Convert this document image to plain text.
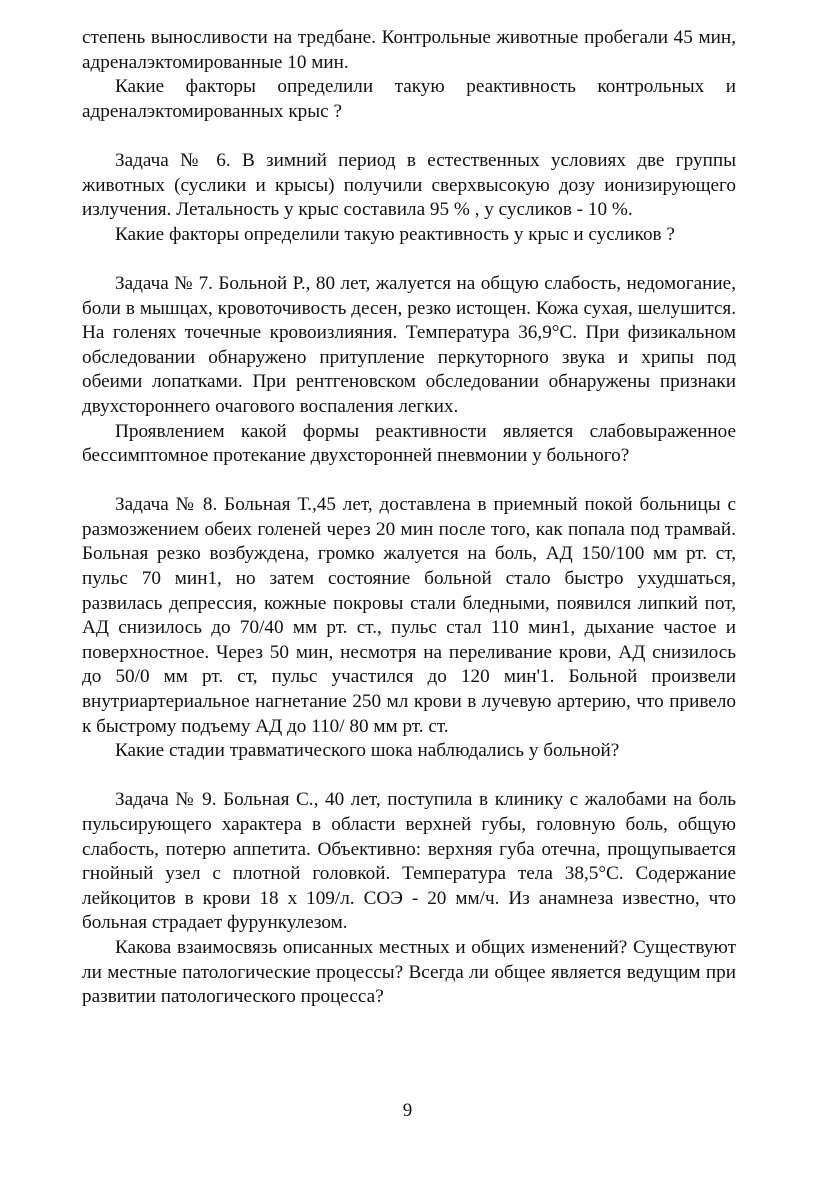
степень выносливости на тредбане. Контрольные животные пробегали 45 мин, адреналэктомированные 10 мин.

Какие факторы определили такую реактивность контрольных и адреналэктомированных крыс ?

Задача № 6. В зимний период в естественных условиях две группы животных (суслики и крысы) получили сверхвысокую дозу ионизирующего излучения. Летальность у крыс составила 95 % , у сусликов - 10 %.

Какие факторы определили такую реактивность у крыс и сусликов ?

Задача № 7. Больной Р., 80 лет, жалуется на общую слабость, недомогание, боли в мышцах, кровоточивость десен, резко истощен. Кожа сухая, шелушится. На голенях точечные кровоизлияния. Температура 36,9°С. При физикальном обследовании обнаружено притупление перкуторного звука и хрипы под обеими лопатками. При рентгеновском обследовании обнаружены признаки двухстороннего очагового воспаления легких.

Проявлением какой формы реактивности является слабовыраженное бессимптомное протекание двухсторонней пневмонии у больного?

Задача № 8. Больная Т.,45 лет, доставлена в приемный покой больницы с размозжением обеих голеней через 20 мин после того, как попала под трамвай. Больная резко возбуждена, громко жалуется на боль, АД 150/100 мм рт. ст, пульс 70 мин1, но затем состояние больной стало быстро ухудшаться, развилась депрессия, кожные покровы стали бледными, появился липкий пот, АД снизилось до 70/40 мм рт. ст., пульс стал 110 мин1, дыхание частое и поверхностное. Через 50 мин, несмотря на переливание крови, АД снизилось до 50/0 мм рт. ст, пульс участился до 120 мин'1. Больной произвели внутриартериальное нагнетание 250 мл крови в лучевую артерию, что привело к быстрому подъему АД до 110/ 80 мм рт. ст.

Какие стадии травматического шока наблюдались у больной?

Задача № 9. Больная С., 40 лет, поступила в клинику с жалобами на боль пульсирующего характера в области верхней губы, головную боль, общую слабость, потерю аппетита. Объективно: верхняя губа отечна, прощупывается гнойный узел с плотной головкой. Температура тела 38,5°С. Содержание лейкоцитов в крови 18 х 109/л. СОЭ - 20 мм/ч. Из анамнеза известно, что больная страдает фурункулезом.

Какова взаимосвязь описанных местных и общих изменений? Существуют ли местные патологические процессы? Всегда ли общее является ведущим при развитии патологического процесса?

9
